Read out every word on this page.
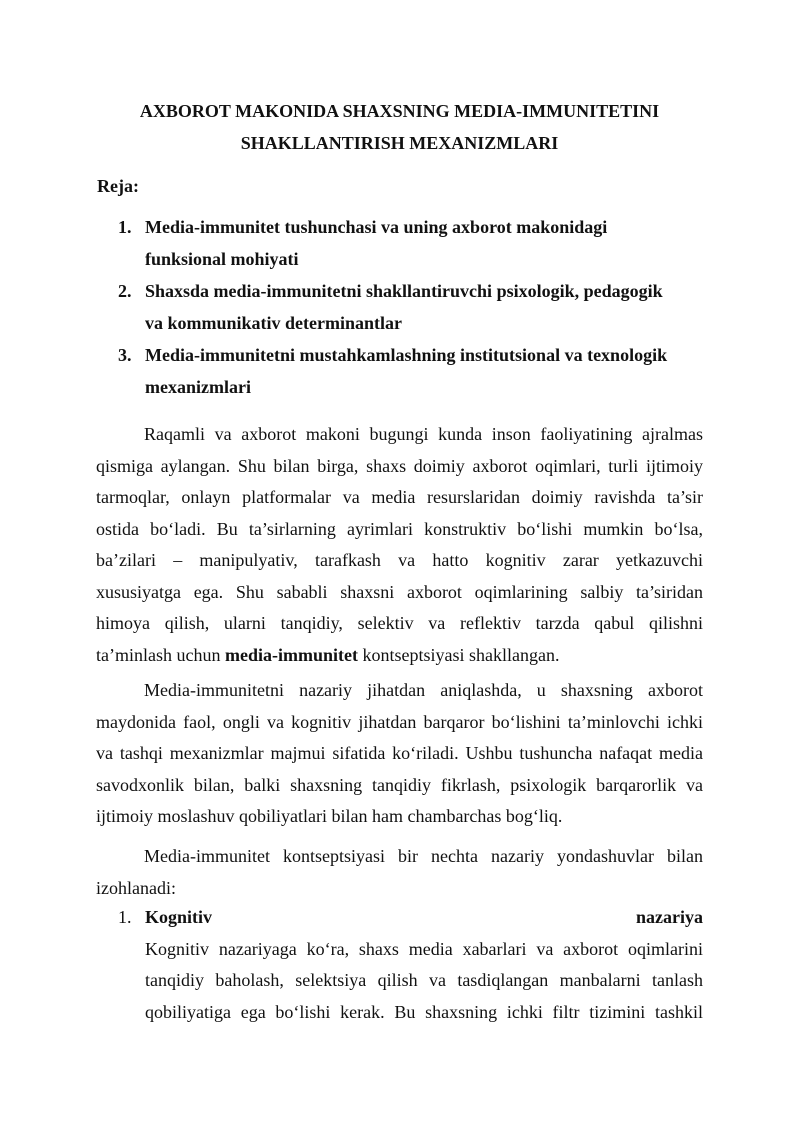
AXBOROT MAKONIDA SHAXSNING MEDIA-IMMUNITETINI
SHAKLLANTIRISH MEXANIZMLARI
Reja:
1. Media-immunitet tushunchasi va uning axborot makonidagi
funksional mohiyati
2. Shaxsda media-immunitetni shakllantiruvchi psixologik, pedagogik
va kommunikativ determinantlar
3. Media-immunitetni mustahkamlashning institutsional va texnologik
mexanizmlari
Raqamli va axborot makoni bugungi kunda inson faoliyatining ajralmas
qismiga aylangan. Shu bilan birga, shaxs doimiy axborot oqimlari, turli ijtimoiy
tarmoqlar, onlayn platformalar va media resurslaridan doimiy ravishda ta’sir
ostida bo‘ladi. Bu ta’sirlarning ayrimlari konstruktiv bo‘lishi mumkin bo‘lsa,
ba’zilari – manipulyativ, tarafkash va hatto kognitiv zarar yetkazuvchi
xususiyatga ega. Shu sababli shaxsni axborot oqimlarining salbiy ta’siridan
himoya qilish, ularni tanqidiy, selektiv va reflektiv tarzda qabul qilishni
ta’minlash uchun media-immunitet kontseptsiyasi shakllangan.
Media-immunitetni nazariy jihatdan aniqlashda, u shaxsning axborot
maydonida faol, ongli va kognitiv jihatdan barqaror bo‘lishini ta’minlovchi ichki
va tashqi mexanizmlar majmui sifatida ko‘riladi. Ushbu tushuncha nafaqat media
savodxonlik bilan, balki shaxsning tanqidiy fikrlash, psixologik barqarorlik va
ijtimoiy moslashuv qobiliyatlari bilan ham chambarchas bog‘liq.
Media-immunitet kontseptsiyasi bir nechta nazariy yondashuvlar bilan
izohlanadi:
1. Kognitiv	nazariya
Kognitiv nazariyaga ko‘ra, shaxs media xabarlari va axborot oqimlarini
tanqidiy baholash, selektsiya qilish va tasdiqlangan manbalarni tanlash
qobiliyatiga ega bo‘lishi kerak. Bu shaxsning ichki filtr tizimini tashkil
